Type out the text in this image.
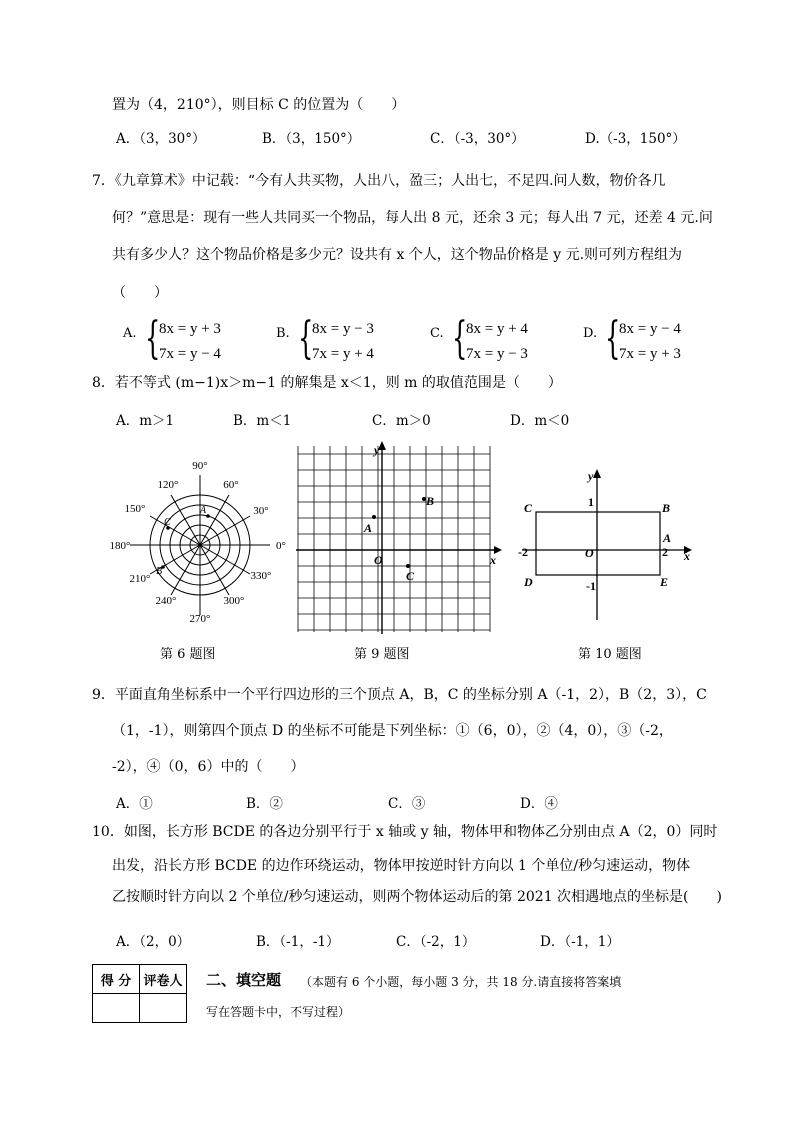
置为（4，210°），则目标 C 的位置为（　　）
A．（3，30°）	B．（3，150°）	C．（-3，30°）	D.（-3，150°）
7．《九章算术》中记载：“今有人共买物，人出八，盈三；人出七，不足四.问人数，物价各几
何？”意思是：现有一些人共同买一个物品，每人出 8 元，还余 3 元；每人出 7 元，还差 4 元.问
共有多少人？这个物品价格是多少元？设共有 x 个人，这个物品价格是 y 元.则可列方程组为
（　　）
A. {
8x = y + 3
7x = y − 4
B. {
8x = y − 3
7x = y + 4
C. {
8x = y + 4
7x = y − 3
D. {
8x = y − 4
7x = y + 3
8．若不等式 (m−1)x＞m−1 的解集是 x＜1，则 m 的取值范围是（　　）
A．m＞1	B．m＜1	C．m＞0	D．m＜0
90°
60°
30°
0°
330°
300°
270°
240°
210°
180°
150°
120°
A
B
C
第 6 题图
y
x
O
A
B
C
第 9 题图
y
x
O
B
C
D	E
A
1
-1
2
-2
第 10 题图
9．平面直角坐标系中一个平行四边形的三个顶点 A，B，C 的坐标分别 A（-1，2），B（2，3），C
（1，-1），则第四个顶点 D 的坐标不可能是下列坐标：①（6，0），②（4，0），③（-2，
-2），④（0，6）中的（　　）
A．①	B．②	C．③	D．④
10．如图，长方形 BCDE 的各边分别平行于 x 轴或 y 轴，物体甲和物体乙分别由点 A（2，0）同时
出发，沿长方形 BCDE 的边作环绕运动，物体甲按逆时针方向以 1 个单位/秒匀速运动，物体
乙按顺时针方向以 2 个单位/秒匀速运动，则两个物体运动后的第 2021 次相遇地点的坐标是(　　)
A．（2，0）	B．（-1，-1）	C．（-2，1）	D．（-1，1）
得 分	评卷人
	二、填空题 （本题有 6 个小题，每小题 3 分，共 18 分.请直接将答案填
写在答题卡中，不写过程）
